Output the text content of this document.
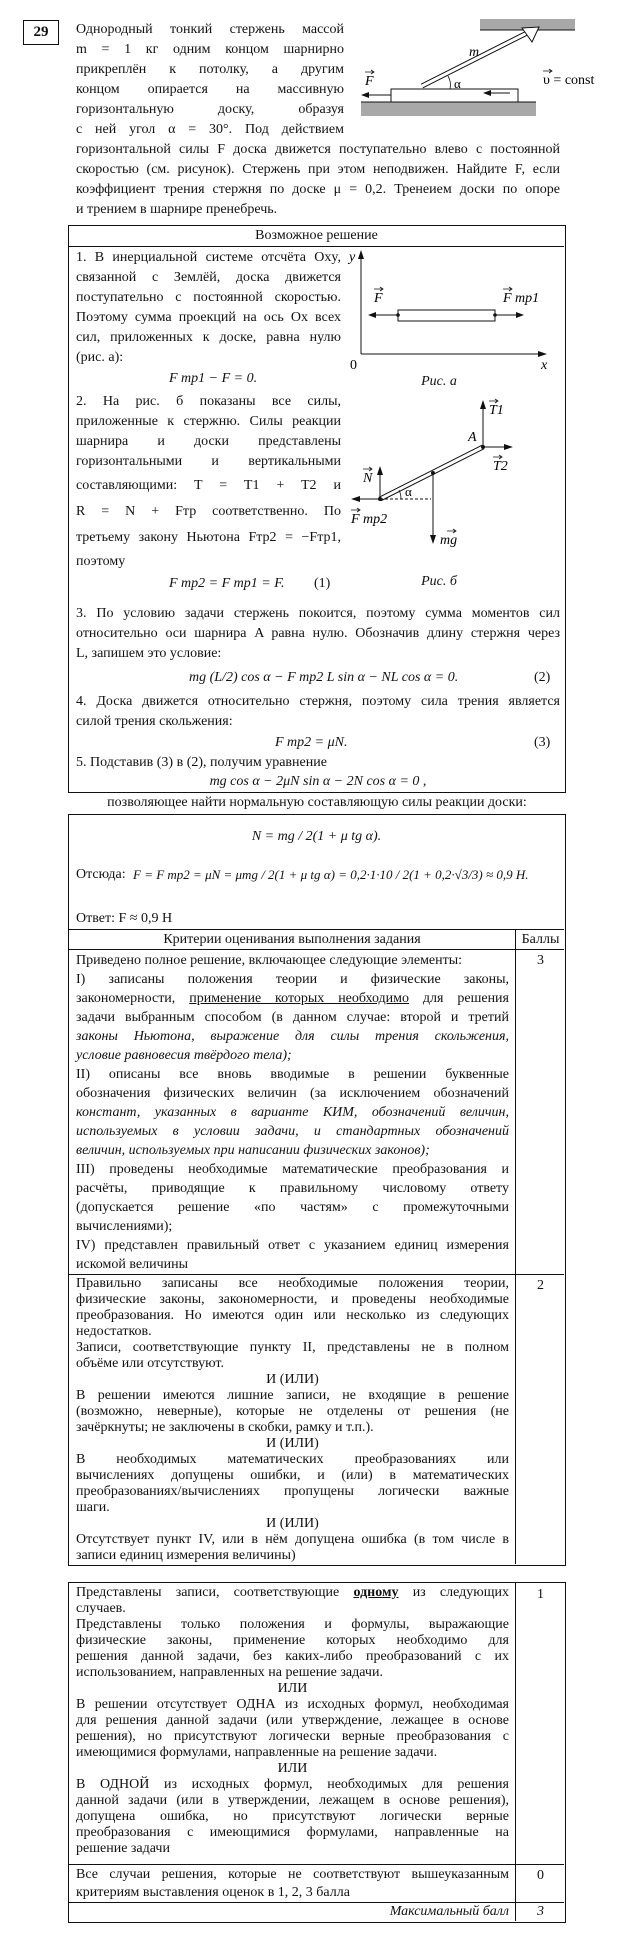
29	Однородный тонкий стержень массой
m = 1 кг одним концом шарнирно
прикреплён к потолку, а другим
концом опирается на массивную
горизонтальную доску, образуя
с ней угол α = 30°. Под действием
горизонтальной силы F доска движется поступательно влево с постоянной
скоростью (см. рисунок). Стержень при этом неподвижен. Найдите F, если
коэффициент трения стержня по доске μ = 0,2. Тренеием доски по опоре
и трением в шарнире пренебречь.
α
m
F	υ = const
Возможное решение
1. В инерциальной системе отсчёта Oxy,
связанной с Землёй, доска движется
поступательно с постоянной скоростью.
Поэтому сумма проекций на ось Ox всех
сил, приложенных к доске, равна нулю
(рис. а):
F тр1 − F = 0.
2. На рис. б показаны все силы,
приложенные к стержню. Силы реакции
шарнира и доски представлены
горизонтальными и вертикальными
составляющими: T = T1 + T2 и
R = N + Fтр соответственно. По
третьему закону Ньютона Fтр2 = −Fтр1,
поэтому
F тр2 = F тр1 = F.	(1)
y
x
0
F	F тр1
Рис. а
α
T1
T2
A
N
F тр2
mg
Рис. б
3. По условию задачи стержень покоится, поэтому сумма моментов сил
относительно оси шарнира A равна нулю. Обозначив длину стержня через
L, запишем это условие:
mg (L/2) cos α − F тр2 L sin α − NL cos α = 0.	(2)
4. Доска движется относительно стержня, поэтому сила трения является
силой трения скольжения:
F тр2 = μN.	(3)
5. Подставив (3) в (2), получим уравнение
mg cos α − 2μN sin α − 2N cos α = 0 ,
позволяющее найти нормальную составляющую силы реакции доски:
N = mg / 2(1 + μ tg α).
Отсюда: F = F тр2 = μN = μmg / 2(1 + μ tg α) = 0,2·1·10 / 2(1 + 0,2·√3/3) ≈ 0,9 Н.
Ответ: F ≈ 0,9 Н
Критерии оценивания выполнения задания	Баллы
3
Приведено полное решение, включающее следующие элементы:
I) записаны положения теории и физические законы,
закономерности, применение которых необходимо для решения
задачи выбранным способом (в данном случае: второй и третий
законы Ньютона, выражение для силы трения скольжения,
условие равновесия твёрдого тела);
II) описаны все вновь вводимые в решении буквенные
обозначения физических величин (за исключением обозначений
констант, указанных в варианте КИМ, обозначений величин,
используемых в условии задачи, и стандартных обозначений
величин, используемых при написании физических законов);
III) проведены необходимые математические преобразования и
расчёты, приводящие к правильному числовому ответу
(допускается решение «по частям» с промежуточными
вычислениями);
IV) представлен правильный ответ с указанием единиц измерения
искомой величины
2
Правильно записаны все необходимые положения теории,
физические законы, закономерности, и проведены необходимые
преобразования. Но имеются один или несколько из следующих
недостатков.
Записи, соответствующие пункту II, представлены не в полном
объёме или отсутствуют.
И (ИЛИ)
В решении имеются лишние записи, не входящие в решение
(возможно, неверные), которые не отделены от решения (не
зачёркнуты; не заключены в скобки, рамку и т.п.).
И (ИЛИ)
В необходимых математических преобразованиях или
вычислениях допущены ошибки, и (или) в математических
преобразованиях/вычислениях пропущены логически важные
шаги.
И (ИЛИ)
Отсутствует пункт IV, или в нём допущена ошибка (в том числе в
записи единиц измерения величины)
1
Представлены записи, соответствующие одному из следующих
случаев.
Представлены только положения и формулы, выражающие
физические законы, применение которых необходимо для
решения данной задачи, без каких-либо преобразований с их
использованием, направленных на решение задачи.
ИЛИ
В решении отсутствует ОДНА из исходных формул, необходимая
для решения данной задачи (или утверждение, лежащее в основе
решения), но присутствуют логически верные преобразования с
имеющимися формулами, направленные на решение задачи.
ИЛИ
В ОДНОЙ из исходных формул, необходимых для решения
данной задачи (или в утверждении, лежащем в основе решения),
допущена ошибка, но присутствуют логически верные
преобразования с имеющимися формулами, направленные на
решение задачи
0
Все случаи решения, которые не соответствуют вышеуказанным
критериям выставления оценок в 1, 2, 3 балла
Максимальный балл	3
